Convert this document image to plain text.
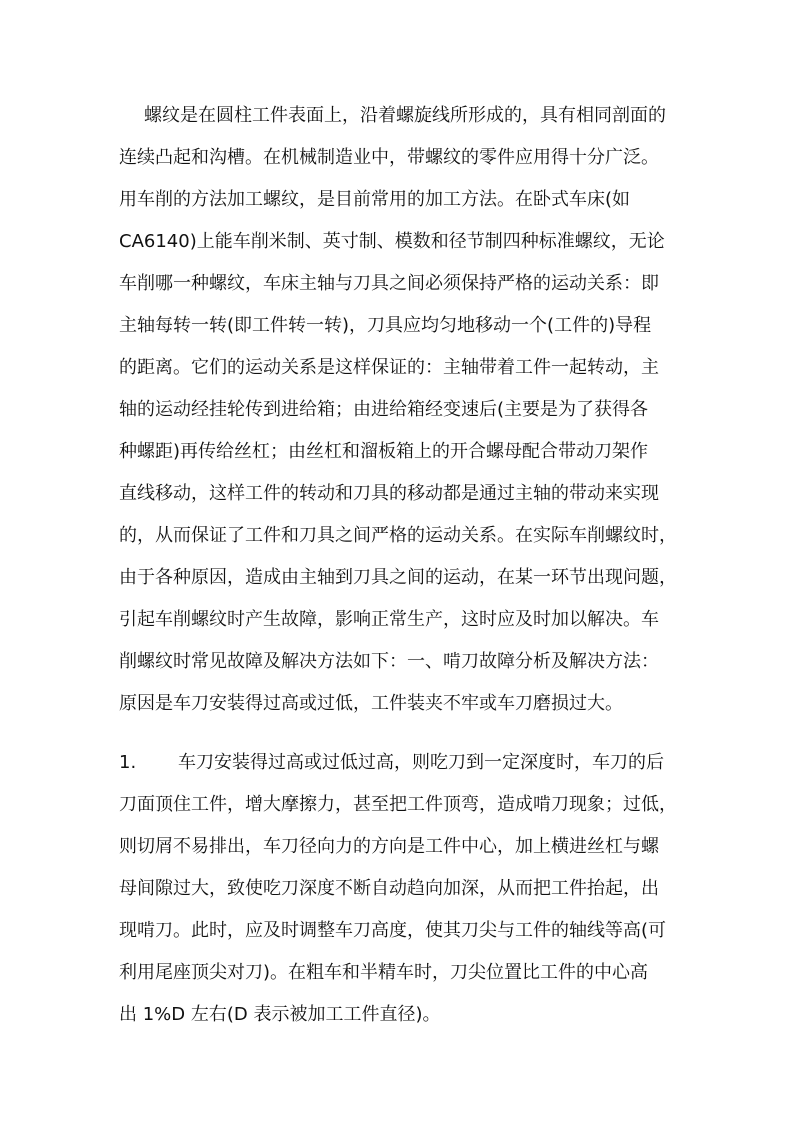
螺纹是在圆柱工件表面上，沿着螺旋线所形成的，具有相同剖面的
连续凸起和沟槽。在机械制造业中，带螺纹的零件应用得十分广泛。
用车削的方法加工螺纹，是目前常用的加工方法。在卧式车床(如
CA6140)上能车削米制、英寸制、模数和径节制四种标准螺纹，无论
车削哪一种螺纹，车床主轴与刀具之间必须保持严格的运动关系：即
主轴每转一转(即工件转一转)，刀具应均匀地移动一个(工件的)导程
的距离。它们的运动关系是这样保证的：主轴带着工件一起转动，主
轴的运动经挂轮传到进给箱；由进给箱经变速后(主要是为了获得各
种螺距)再传给丝杠；由丝杠和溜板箱上的开合螺母配合带动刀架作
直线移动，这样工件的转动和刀具的移动都是通过主轴的带动来实现
的，从而保证了工件和刀具之间严格的运动关系。在实际车削螺纹时，
由于各种原因，造成由主轴到刀具之间的运动，在某一环节出现问题，
引起车削螺纹时产生故障，影响正常生产，这时应及时加以解决。车
削螺纹时常见故障及解决方法如下：一、啃刀故障分析及解决方法：
原因是车刀安装得过高或过低，工件装夹不牢或车刀磨损过大。
1. 车刀安装得过高或过低过高，则吃刀到一定深度时，车刀的后
刀面顶住工件，增大摩擦力，甚至把工件顶弯，造成啃刀现象；过低，
则切屑不易排出，车刀径向力的方向是工件中心，加上横进丝杠与螺
母间隙过大，致使吃刀深度不断自动趋向加深，从而把工件抬起，出
现啃刀。此时，应及时调整车刀高度，使其刀尖与工件的轴线等高(可
利用尾座顶尖对刀)。在粗车和半精车时，刀尖位置比工件的中心高
出 1%D 左右(D 表示被加工工件直径)。
